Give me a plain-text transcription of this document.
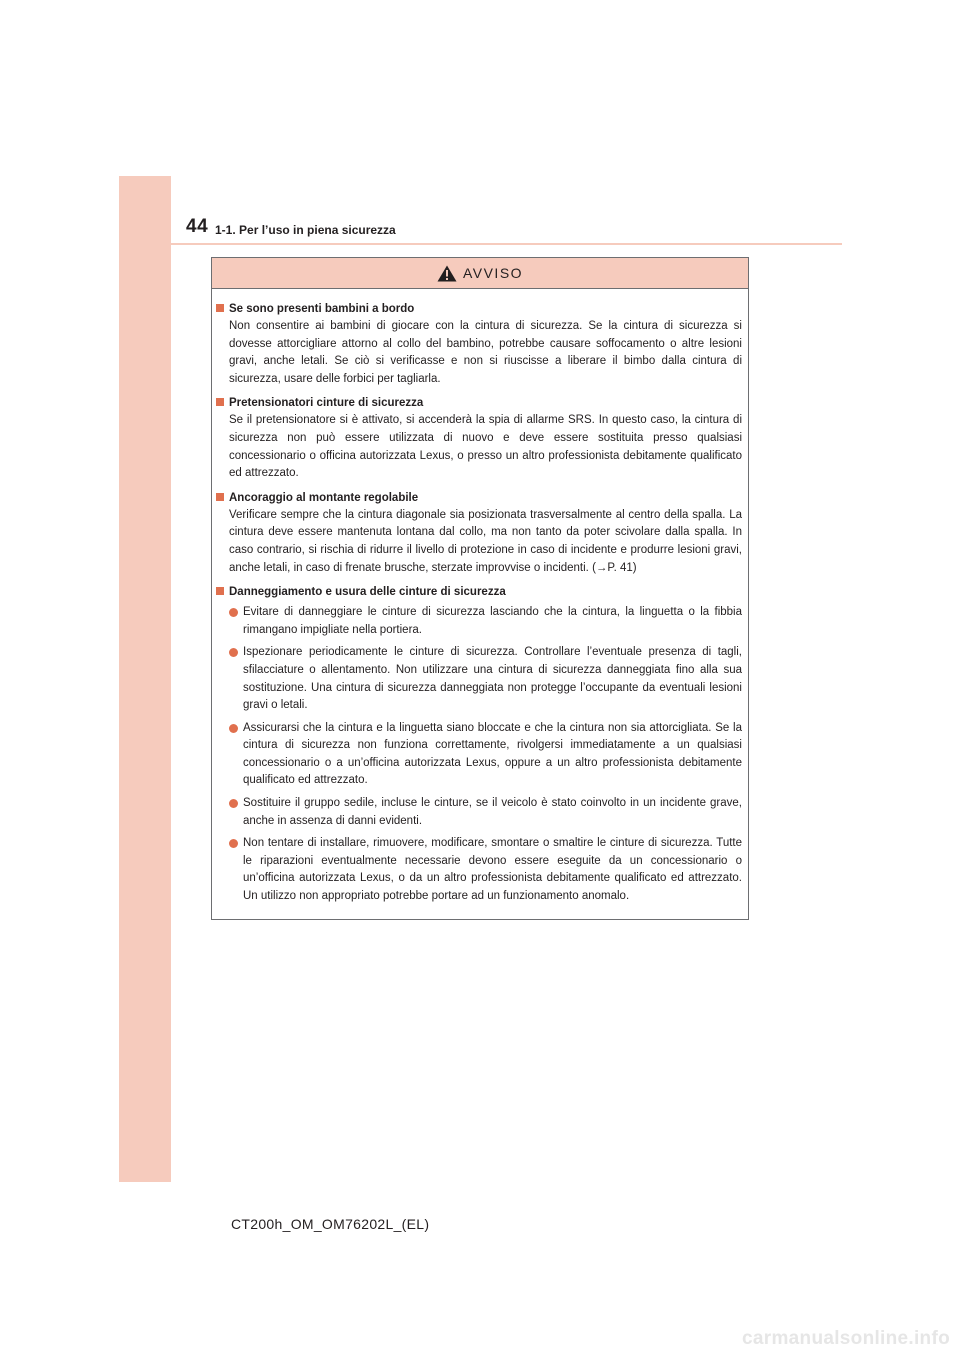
44 1-1. Per l’uso in piena sicurezza
AVVISO
Se sono presenti bambini a bordo

Non consentire ai bambini di giocare con la cintura di sicurezza. Se la cintura di sicurezza si dovesse attorcigliare attorno al collo del bambino, potrebbe causare soffocamento o altre lesioni gravi, anche letali. Se ciò si verificasse e non si riuscisse a liberare il bimbo dalla cintura di sicurezza, usare delle forbici per tagliarla.

Pretensionatori cinture di sicurezza

Se il pretensionatore si è attivato, si accenderà la spia di allarme SRS. In questo caso, la cintura di sicurezza non può essere utilizzata di nuovo e deve essere sostituita presso qualsiasi concessionario o officina autorizzata Lexus, o presso un altro professionista debitamente qualificato ed attrezzato.

Ancoraggio al montante regolabile

Verificare sempre che la cintura diagonale sia posizionata trasversalmente al centro della spalla. La cintura deve essere mantenuta lontana dal collo, ma non tanto da poter scivolare dalla spalla. In caso contrario, si rischia di ridurre il livello di protezione in caso di incidente e produrre lesioni gravi, anche letali, in caso di frenate brusche, sterzate improvvise o incidenti. (→P. 41)

Danneggiamento e usura delle cinture di sicurezza
Evitare di danneggiare le cinture di sicurezza lasciando che la cintura, la linguetta o la fibbia rimangano impigliate nella portiera.
Ispezionare periodicamente le cinture di sicurezza. Controllare l’eventuale presenza di tagli, sfilacciature o allentamento. Non utilizzare una cintura di sicurezza danneggiata fino alla sua sostituzione. Una cintura di sicurezza danneggiata non protegge l’occupante da eventuali lesioni gravi o letali.
Assicurarsi che la cintura e la linguetta siano bloccate e che la cintura non sia attorcigliata. Se la cintura di sicurezza non funziona correttamente, rivolgersi immediatamente a un qualsiasi concessionario o a un’officina autorizzata Lexus, oppure a un altro professionista debitamente qualificato ed attrezzato.
Sostituire il gruppo sedile, incluse le cinture, se il veicolo è stato coinvolto in un incidente grave, anche in assenza di danni evidenti.
Non tentare di installare, rimuovere, modificare, smontare o smaltire le cinture di sicurezza. Tutte le riparazioni eventualmente necessarie devono essere eseguite da un concessionario o un’officina autorizzata Lexus, o da un altro professionista debitamente qualificato ed attrezzato. Un utilizzo non appropriato potrebbe portare ad un funzionamento anomalo.
CT200h_OM_OM76202L_(EL)
carmanualsonline.info
